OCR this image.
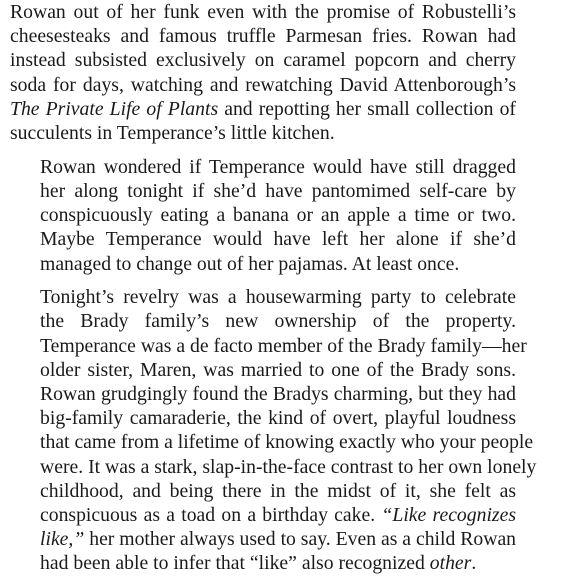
Rowan out of her funk even with the promise of Robustelli’s
cheesesteaks and famous truffle Parmesan fries. Rowan had
instead subsisted exclusively on caramel popcorn and cherry
soda for days, watching and rewatching David Attenborough’s
The Private Life of Plants and repotting her small collection of
succulents in Temperance’s little kitchen.
Rowan wondered if Temperance would have still dragged
her along tonight if she’d have pantomimed self-care by
conspicuously eating a banana or an apple a time or two.
Maybe Temperance would have left her alone if she’d
managed to change out of her pajamas. At least once.
Tonight’s revelry was a housewarming party to celebrate
the Brady family’s new ownership of the property.
Temperance was a de facto member of the Brady family—her
older sister, Maren, was married to one of the Brady sons.
Rowan grudgingly found the Bradys charming, but they had
big-family camaraderie, the kind of overt, playful loudness
that came from a lifetime of knowing exactly who your people
were. It was a stark, slap-in-the-face contrast to her own lonely
childhood, and being there in the midst of it, she felt as
conspicuous as a toad on a birthday cake. “Like recognizes
like,” her mother always used to say. Even as a child Rowan
had been able to infer that “like” also recognized other.
